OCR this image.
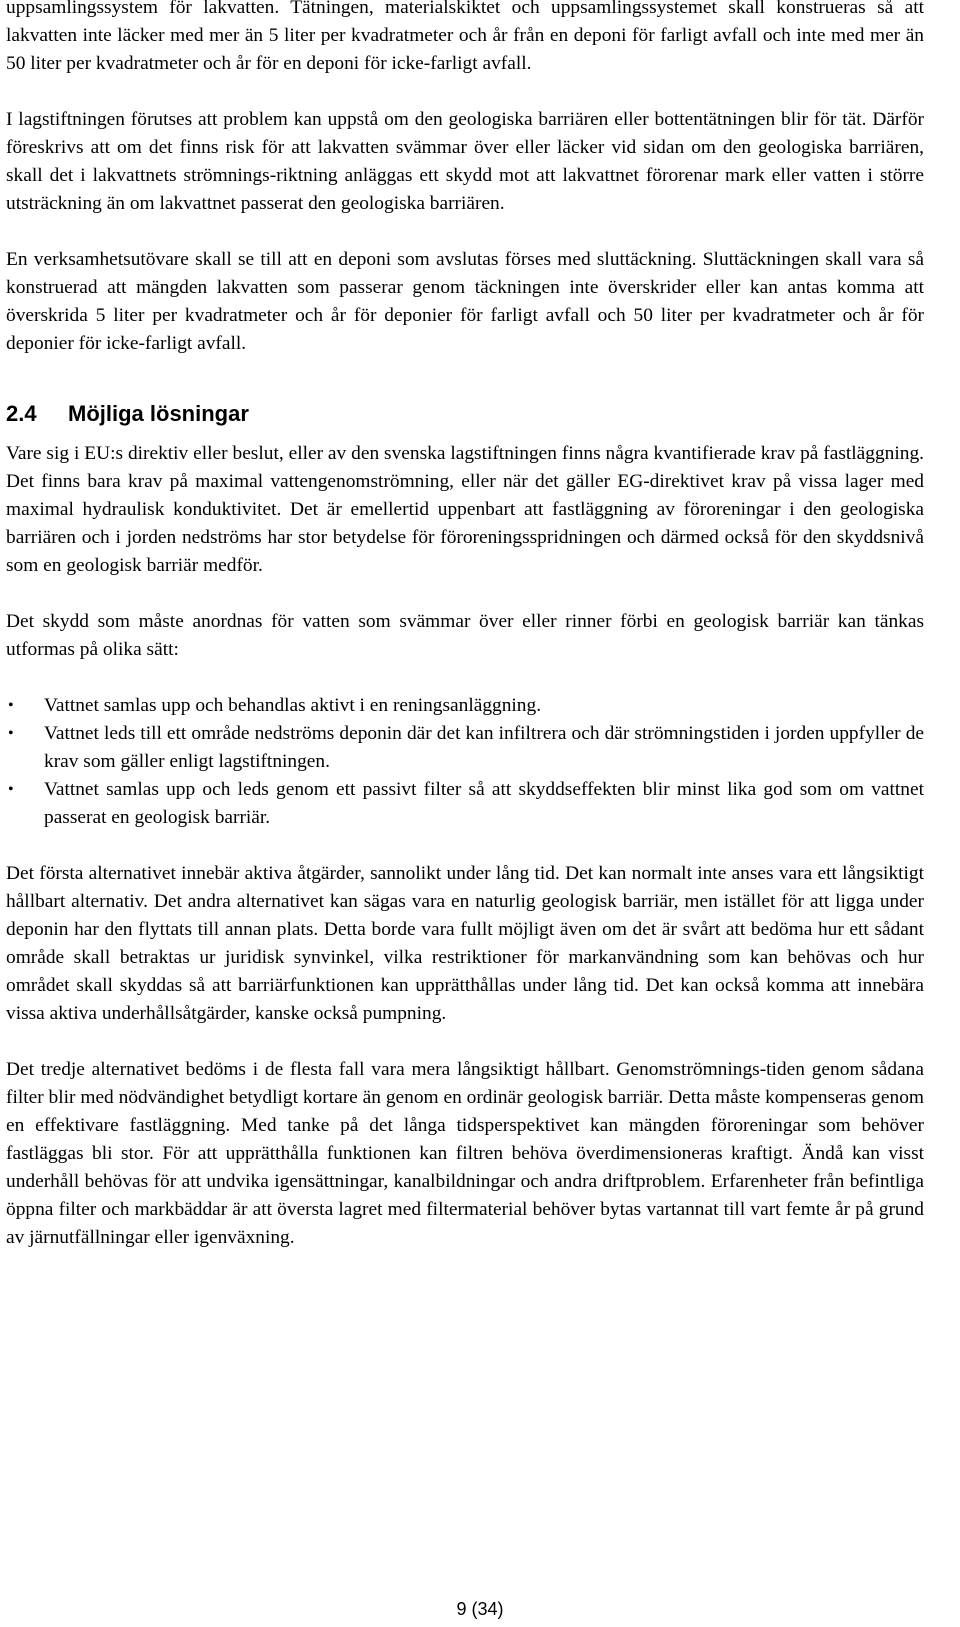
uppsamlingssystem för lakvatten. Tätningen, materialskiktet och uppsamlingssystemet skall konstrueras så att lakvatten inte läcker med mer än 5 liter per kvadratmeter och år från en deponi för farligt avfall och inte med mer än 50 liter per kvadratmeter och år för en deponi för icke-farligt avfall.

I lagstiftningen förutses att problem kan uppstå om den geologiska barriären eller bottentätningen blir för tät. Därför föreskrivs att om det finns risk för att lakvatten svämmar över eller läcker vid sidan om den geologiska barriären, skall det i lakvattnets strömnings-riktning anläggas ett skydd mot att lakvattnet förorenar mark eller vatten i större utsträckning än om lakvattnet passerat den geologiska barriären.

En verksamhetsutövare skall se till att en deponi som avslutas förses med sluttäckning. Sluttäckningen skall vara så konstruerad att mängden lakvatten som passerar genom täckningen inte överskrider eller kan antas komma att överskrida 5 liter per kvadratmeter och år för deponier för farligt avfall och 50 liter per kvadratmeter och år för deponier för icke-farligt avfall.

2.4	Möjliga lösningar

Vare sig i EU:s direktiv eller beslut, eller av den svenska lagstiftningen finns några kvantifierade krav på fastläggning. Det finns bara krav på maximal vattengenomströmning, eller när det gäller EG-direktivet krav på vissa lager med maximal hydraulisk konduktivitet. Det är emellertid uppenbart att fastläggning av föroreningar i den geologiska barriären och i jorden nedströms har stor betydelse för föroreningsspridningen och därmed också för den skyddsnivå som en geologisk barriär medför.

Det skydd som måste anordnas för vatten som svämmar över eller rinner förbi en geologisk barriär kan tänkas utformas på olika sätt:

• Vattnet samlas upp och behandlas aktivt i en reningsanläggning.
• Vattnet leds till ett område nedströms deponin där det kan infiltrera och där strömningstiden i jorden uppfyller de krav som gäller enligt lagstiftningen.
• Vattnet samlas upp och leds genom ett passivt filter så att skyddseffekten blir minst lika god som om vattnet passerat en geologisk barriär.

Det första alternativet innebär aktiva åtgärder, sannolikt under lång tid. Det kan normalt inte anses vara ett långsiktigt hållbart alternativ. Det andra alternativet kan sägas vara en naturlig geologisk barriär, men istället för att ligga under deponin har den flyttats till annan plats. Detta borde vara fullt möjligt även om det är svårt att bedöma hur ett sådant område skall betraktas ur juridisk synvinkel, vilka restriktioner för markanvändning som kan behövas och hur området skall skyddas så att barriärfunktionen kan upprätthållas under lång tid. Det kan också komma att innebära vissa aktiva underhållsåtgärder, kanske också pumpning.

Det tredje alternativet bedöms i de flesta fall vara mera långsiktigt hållbart. Genomströmnings-tiden genom sådana filter blir med nödvändighet betydligt kortare än genom en ordinär geologisk barriär. Detta måste kompenseras genom en effektivare fastläggning. Med tanke på det långa tidsperspektivet kan mängden föroreningar som behöver fastläggas bli stor. För att upprätthålla funktionen kan filtren behöva överdimensioneras kraftigt. Ändå kan visst underhåll behövas för att undvika igensättningar, kanalbildningar och andra driftproblem. Erfarenheter från befintliga öppna filter och markbäddar är att översta lagret med filtermaterial behöver bytas vartannat till vart femte år på grund av järnutfällningar eller igenväxning.

9 (34)
